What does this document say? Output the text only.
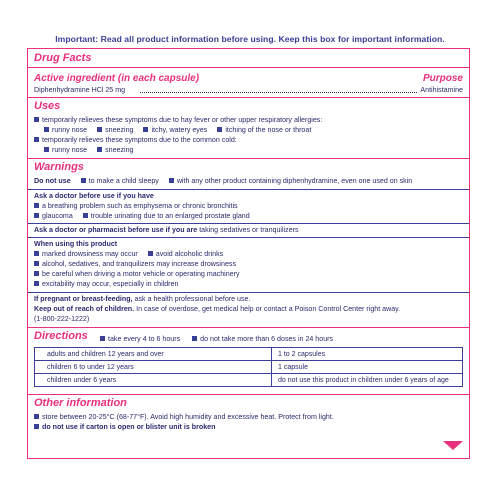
Important: Read all product information before using. Keep this box for important information.
Drug Facts
Active ingredient (in each capsule)	Purpose
Diphenhydramine HCl 25 mg	Antihistamine
Uses
temporarily relieves these symptoms due to hay fever or other upper respiratory allergies:
runny nose	sneezing	itchy, watery eyes	itching of the nose or throat
temporarily relieves these symptoms due to the common cold:
runny nose	sneezing
Warnings
Do not use	to make a child sleepy	with any other product containing diphenhydramine, even one used on skin
Ask a doctor before use if you have
a breathing problem such as emphysema or chronic bronchitis
glaucoma	trouble urinating due to an enlarged prostate gland
Ask a doctor or pharmacist before use if you are taking sedatives or tranquilizers
When using this product
marked drowsiness may occur	avoid alcoholic drinks
alcohol, sedatives, and tranquilizers may increase drowsiness
be careful when driving a motor vehicle or operating machinery
excitability may occur, especially in children
If pregnant or breast-feeding, ask a health professional before use.
Keep out of reach of children. In case of overdose, get medical help or contact a Poison Control Center right away.
(1-800-222-1222)
Directions	take every 4 to 6 hours	do not take more than 6 doses in 24 hours
adults and children 12 years and over	1 to 2 capsules
children 6 to under 12 years	1 capsule
children under 6 years	do not use this product in children under 6 years of age
Other information
store between 20-25°C (68-77°F). Avoid high humidity and excessive heat. Protect from light.
do not use if carton is open or blister unit is broken
